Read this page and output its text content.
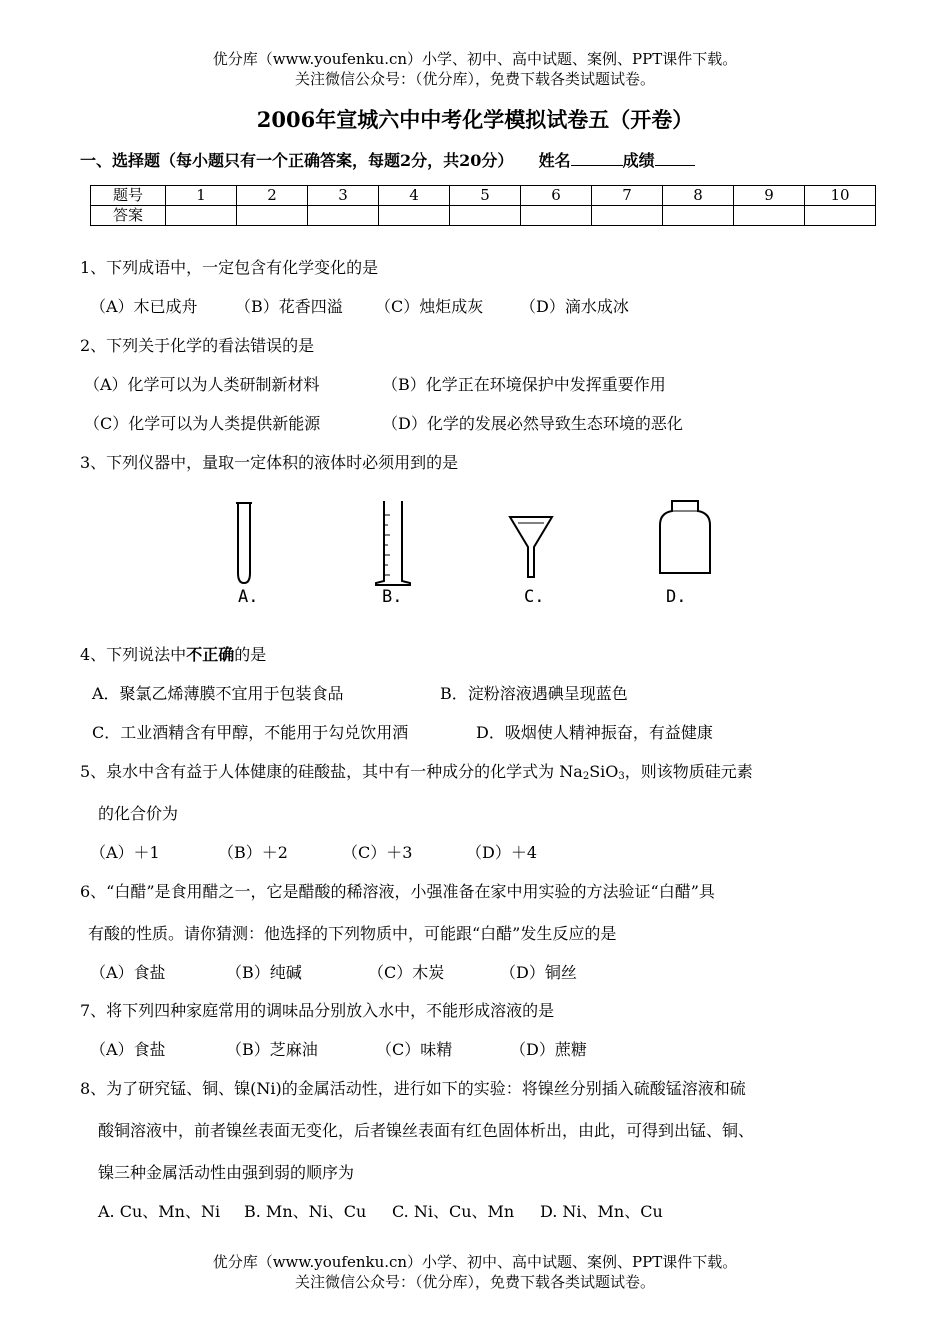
优分库（www.youfenku.cn）小学、初中、高中试题、案例、PPT课件下载。
关注微信公众号：（优分库），免费下载各类试题试卷。
2006年宣城六中中考化学模拟试卷五（开卷）
一、选择题（每小题只有一个正确答案，每题2分，共20分） 姓名	成绩
题号	1	2	3	4	5	6	7	8	9	10
答案										
1、下列成语中，一定包含有化学变化的是
（A）木已成舟 （B）花香四溢 （C）烛炬成灰 （D）滴水成冰
2、下列关于化学的看法错误的是
（A）化学可以为人类研制新材料	（B）化学正在环境保护中发挥重要作用
（C）化学可以为人类提供新能源	（D）化学的发展必然导致生态环境的恶化
3、下列仪器中，量取一定体积的液体时必须用到的是
A.	B.	C.	D.
4、下列说法中不正确的是
A．聚氯乙烯薄膜不宜用于包装食品	B．淀粉溶液遇碘呈现蓝色
C．工业酒精含有甲醇，不能用于勾兑饮用酒	D．吸烟使人精神振奋，有益健康
5、泉水中含有益于人体健康的硅酸盐，其中有一种成分的化学式为 $Na_2SiO_3$，则该物质硅元素
的化合价为
（A）＋1	（B）＋2	（C）＋3	（D）＋4
6、“白醋”是食用醋之一，它是醋酸的稀溶液，小强准备在家中用实验的方法验证“白醋”具
有酸的性质。请你猜测：他选择的下列物质中，可能跟“白醋”发生反应的是
（A）食盐	（B）纯碱	（C）木炭	（D）铜丝
7、将下列四种家庭常用的调味品分别放入水中，不能形成溶液的是
（A）食盐	（B）芝麻油	（C）味精	（D）蔗糖
8、为了研究锰、铜、镍(Ni)的金属活动性，进行如下的实验：将镍丝分别插入硫酸锰溶液和硫
酸铜溶液中，前者镍丝表面无变化，后者镍丝表面有红色固体析出，由此，可得到出锰、铜、
镍三种金属活动性由强到弱的顺序为
A. Cu、Mn、Ni B. Mn、Ni、Cu C. Ni、Cu、Mn D. Ni、Mn、Cu
优分库（www.youfenku.cn）小学、初中、高中试题、案例、PPT课件下载。
关注微信公众号：（优分库），免费下载各类试题试卷。
